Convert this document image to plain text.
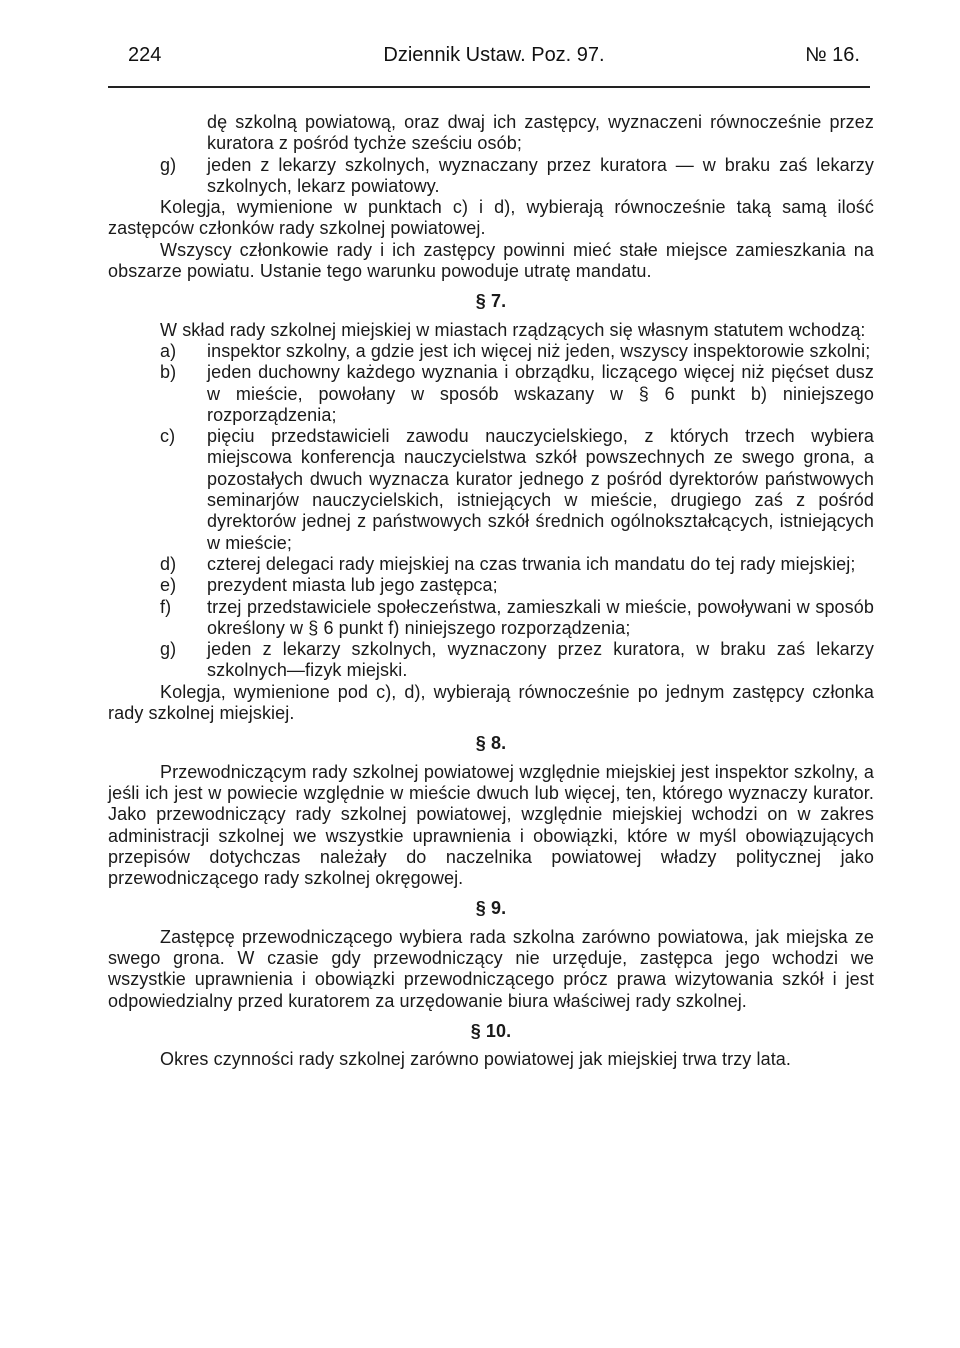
224	Dziennik Ustaw. Poz. 97.	№ 16.
dę szkolną powiatową, oraz dwaj ich zastępcy, wyznaczeni równocześnie przez kuratora z pośród tychże sześciu osób;
g) jeden z lekarzy szkolnych, wyznaczany przez kuratora — w braku zaś lekarzy szkolnych, lekarz powiatowy.

Kolegja, wymienione w punktach c) i d), wybierają równocześnie taką samą ilość zastępców członków rady szkolnej powiatowej.

Wszyscy członkowie rady i ich zastępcy powinni mieć stałe miejsce zamieszkania na obszarze powiatu. Ustanie tego warunku powoduje utratę mandatu.

§ 7.

W skład rady szkolnej miejskiej w miastach rządzących się własnym statutem wchodzą:

a) inspektor szkolny, a gdzie jest ich więcej niż jeden, wszyscy inspektorowie szkolni;
b) jeden duchowny każdego wyznania i obrządku, liczącego więcej niż pięćset dusz w mieście, powołany w sposób wskazany w § 6 punkt b) niniejszego rozporządzenia;
c) pięciu przedstawicieli zawodu nauczycielskiego, z których trzech wybiera miejscowa konferencja nauczycielstwa szkół powszechnych ze swego grona, a pozostałych dwuch wyznacza kurator jednego z pośród dyrektorów państwowych seminarjów nauczycielskich, istniejących w mieście, drugiego zaś z pośród dyrektorów jednej z państwowych szkół średnich ogólnokształcących, istniejących w mieście;
d) czterej delegaci rady miejskiej na czas trwania ich mandatu do tej rady miejskiej;
e) prezydent miasta lub jego zastępca;
f) trzej przedstawiciele społeczeństwa, zamieszkali w mieście, powoływani w sposób określony w § 6 punkt f) niniejszego rozporządzenia;
g) jeden z lekarzy szkolnych, wyznaczony przez kuratora, w braku zaś lekarzy szkolnych—fizyk miejski.

Kolegja, wymienione pod c), d), wybierają równocześnie po jednym zastępcy członka rady szkolnej miejskiej.

§ 8.

Przewodniczącym rady szkolnej powiatowej względnie miejskiej jest inspektor szkolny, a jeśli ich jest w powiecie względnie w mieście dwuch lub więcej, ten, którego wyznaczy kurator. Jako przewodniczący rady szkolnej powiatowej, względnie miejskiej wchodzi on w zakres administracji szkolnej we wszystkie uprawnienia i obowiązki, które w myśl obowiązujących przepisów dotychczas należały do naczelnika powiatowej władzy politycznej jako przewodniczącego rady szkolnej okręgowej.

§ 9.

Zastępcę przewodniczącego wybiera rada szkolna zarówno powiatowa, jak miejska ze swego grona. W czasie gdy przewodniczący nie urzęduje, zastępca jego wchodzi we wszystkie uprawnienia i obowiązki przewodniczącego prócz prawa wizytowania szkół i jest odpowiedzialny przed kuratorem za urzędowanie biura właściwej rady szkolnej.

§ 10.

Okres czynności rady szkolnej zarówno powiatowej jak miejskiej trwa trzy lata.
